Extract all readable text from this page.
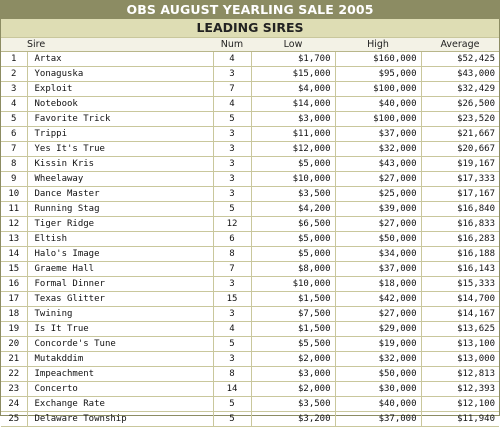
OBS AUGUST YEARLING SALE 2005
LEADING SIRES
	Sire	Num	Low	High	Average
1	Artax	4	$1,700	$160,000	$52,425
2	Yonaguska	3	$15,000	$95,000	$43,000
3	Exploit	7	$4,000	$100,000	$32,429
4	Notebook	4	$14,000	$40,000	$26,500
5	Favorite Trick	5	$3,000	$100,000	$23,520
6	Trippi	3	$11,000	$37,000	$21,667
7	Yes It's True	3	$12,000	$32,000	$20,667
8	Kissin Kris	3	$5,000	$43,000	$19,167
9	Wheelaway	3	$10,000	$27,000	$17,333
10	Dance Master	3	$3,500	$25,000	$17,167
11	Running Stag	5	$4,200	$39,000	$16,840
12	Tiger Ridge	12	$6,500	$27,000	$16,833
13	Eltish	6	$5,000	$50,000	$16,283
14	Halo's Image	8	$5,000	$34,000	$16,188
15	Graeme Hall	7	$8,000	$37,000	$16,143
16	Formal Dinner	3	$10,000	$18,000	$15,333
17	Texas Glitter	15	$1,500	$42,000	$14,700
18	Twining	3	$7,500	$27,000	$14,167
19	Is It True	4	$1,500	$29,000	$13,625
20	Concorde's Tune	5	$5,500	$19,000	$13,100
21	Mutakddim	3	$2,000	$32,000	$13,000
22	Impeachment	8	$3,000	$50,000	$12,813
23	Concerto	14	$2,000	$30,000	$12,393
24	Exchange Rate	5	$3,500	$40,000	$12,100
25	Delaware Township	5	$3,200	$37,000	$11,940
